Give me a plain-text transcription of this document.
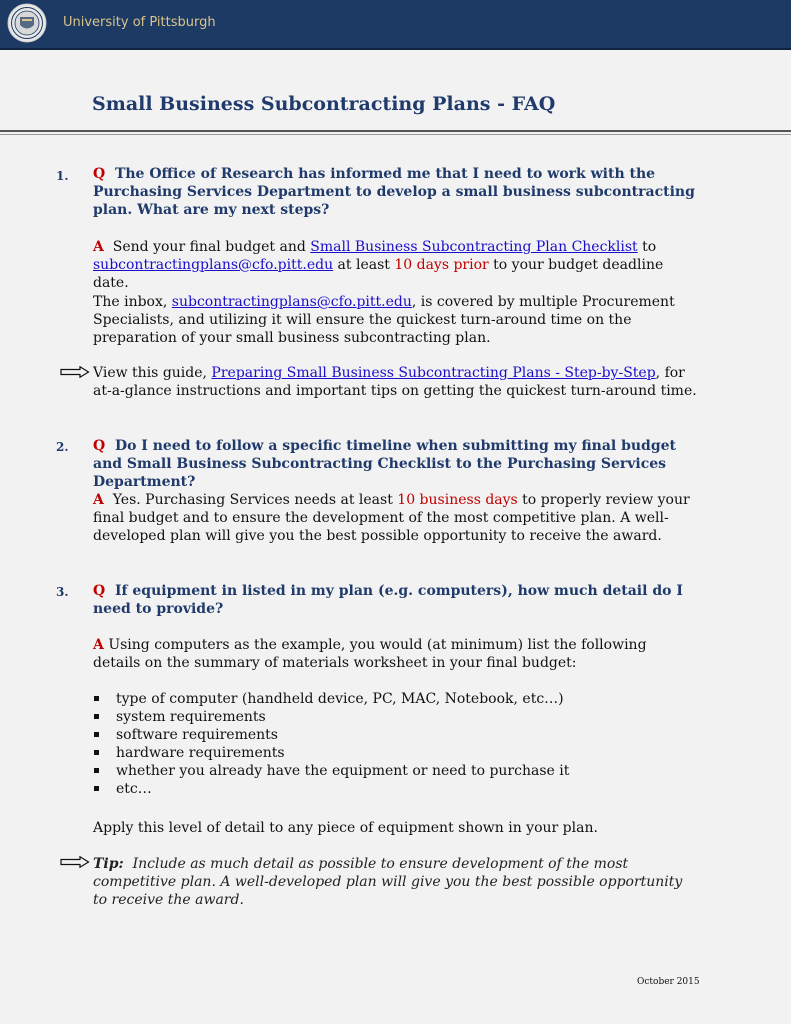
University of Pittsburgh
Small Business Subcontracting Plans - FAQ
1. Q The Office of Research has informed me that I need to work with the Purchasing Services Department to develop a small business subcontracting plan. What are my next steps?

A Send your final budget and Small Business Subcontracting Plan Checklist to
subcontractingplans@cfo.pitt.edu at least 10 days prior to your budget deadline date.

The inbox, subcontractingplans@cfo.pitt.edu, is covered by multiple Procurement Specialists, and utilizing it will ensure the quickest turn-around time on the preparation of your small business subcontracting plan.

View this guide, Preparing Small Business Subcontracting Plans - Step-by-Step, for at-a-glance instructions and important tips on getting the quickest turn-around time.

2. Q Do I need to follow a specific timeline when submitting my final budget and Small Business Subcontracting Checklist to the Purchasing Services Department?

A Yes. Purchasing Services needs at least 10 business days to properly review your final budget and to ensure the development of the most competitive plan. A well-developed plan will give you the best possible opportunity to receive the award.

3. Q If equipment in listed in my plan (e.g. computers), how much detail do I need to provide?

A Using computers as the example, you would (at minimum) list the following details on the summary of materials worksheet in your final budget:

type of computer (handheld device, PC, MAC, Notebook, etc…)
system requirements
software requirements
hardware requirements
whether you already have the equipment or need to purchase it
etc…

Apply this level of detail to any piece of equipment shown in your plan.

Tip: Include as much detail as possible to ensure development of the most competitive plan. A well-developed plan will give you the best possible opportunity to receive the award.

October 2015
